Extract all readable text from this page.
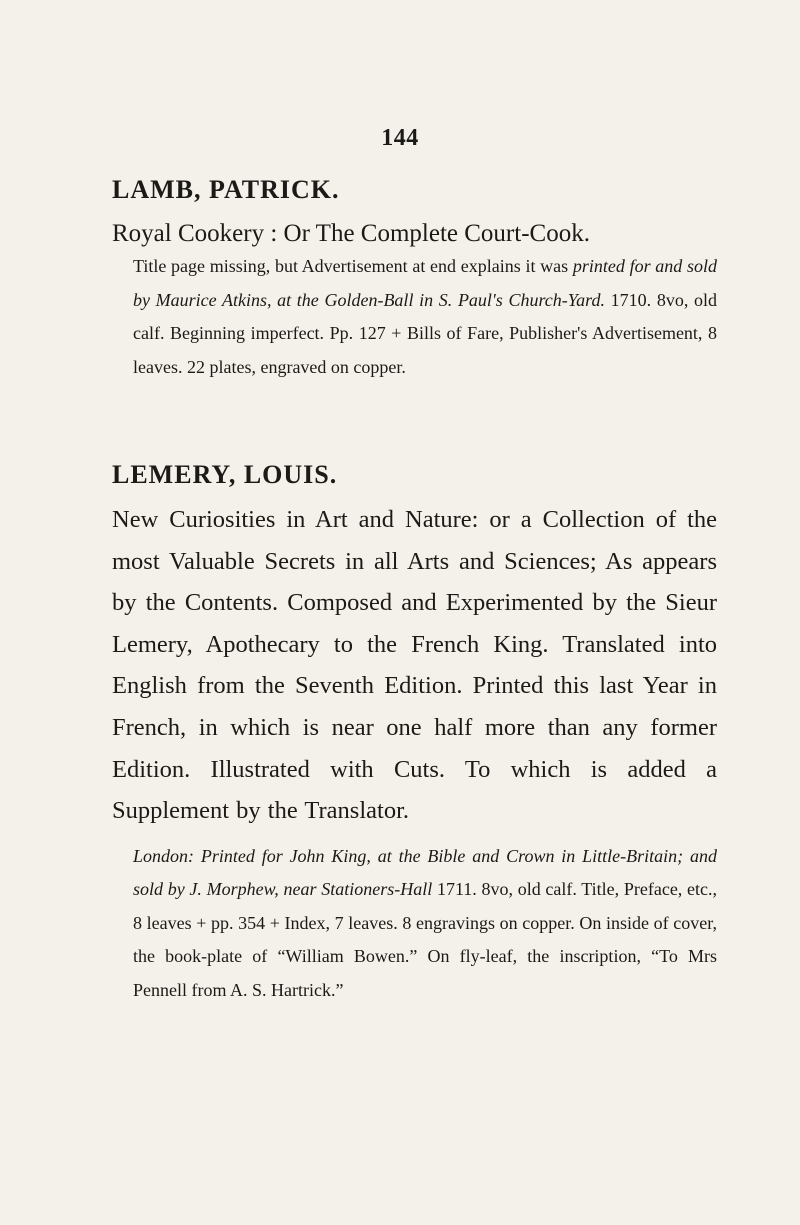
144

LAMB, PATRICK.

Royal Cookery : Or The Complete Court-Cook.

Title page missing, but Advertisement at end explains it was printed for and sold by Maurice Atkins, at the Golden-Ball in S. Paul's Church-Yard. 1710. 8vo, old calf. Beginning imperfect. Pp. 127 + Bills of Fare, Publisher's Advertisement, 8 leaves. 22 plates, engraved on copper.

LEMERY, LOUIS.

New Curiosities in Art and Nature: or a Collection of the most Valuable Secrets in all Arts and Sciences; As appears by the Contents. Composed and Experimented by the Sieur Lemery, Apothecary to the French King. Translated into English from the Seventh Edition. Printed this last Year in French, in which is near one half more than any former Edition. Illustrated with Cuts. To which is added a Supplement by the Translator.

London: Printed for John King, at the Bible and Crown in Little-Britain; and sold by J. Morphew, near Stationers-Hall 1711. 8vo, old calf. Title, Preface, etc., 8 leaves + pp. 354 + Index, 7 leaves. 8 engravings on copper. On inside of cover, the book-plate of “William Bowen.” On fly-leaf, the inscription, “To Mrs Pennell from A. S. Hartrick.”
